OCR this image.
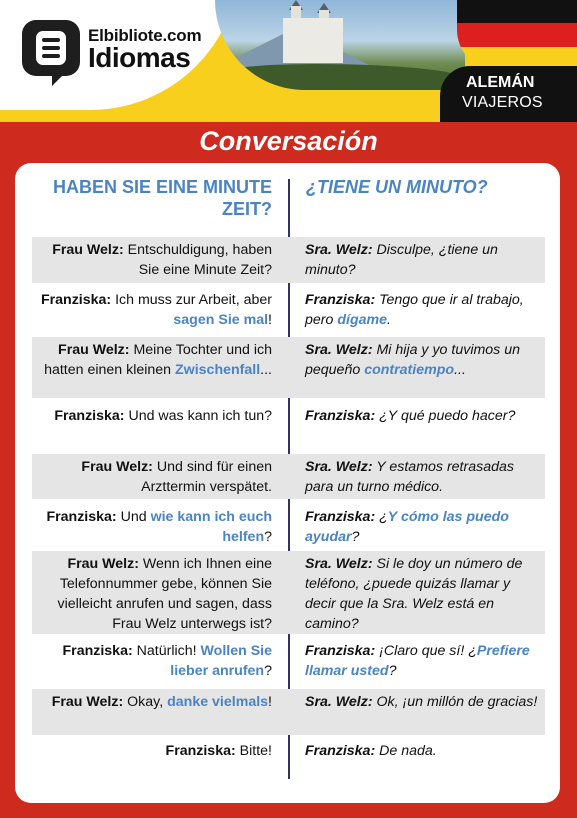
Elbibliote.com
Idiomas
ALEMÁN
VIAJEROS
Conversación
HABEN SIE EINE MINUTE ZEIT?
¿TIENE UN MINUTO?
Frau Welz: Entschuldigung, haben Sie eine Minute Zeit?
Sra. Welz: Disculpe, ¿tiene un minuto?
Franziska: Ich muss zur Arbeit, aber sagen Sie mal!
Franziska: Tengo que ir al trabajo, pero dígame.
Frau Welz: Meine Tochter und ich hatten einen kleinen Zwischenfall...
Sra. Welz: Mi hija y yo tuvimos un pequeño contratiempo...
Franziska: Und was kann ich tun? Franziska: ¿Y qué puedo hacer?
Frau Welz: Und sind für einen Arzttermin verspätet.
Sra. Welz: Y estamos retrasadas para un turno médico.
Franziska: Und wie kann ich euch helfen?
Franziska: ¿Y cómo las puedo ayudar?
Frau Welz: Wenn ich Ihnen eine Telefonnummer gebe, können Sie vielleicht anrufen und sagen, dass Frau Welz unterwegs ist?
Sra. Welz: Si le doy un número de teléfono, ¿puede quizás llamar y decir que la Sra. Welz está en camino?
Franziska: Natürlich! Wollen Sie lieber anrufen?
Franziska: ¡Claro que sí! ¿Prefiere llamar usted?
Frau Welz: Okay, danke vielmals! Sra. Welz: Ok, ¡un millón de gracias!
Franziska: Bitte! Franziska: De nada.
